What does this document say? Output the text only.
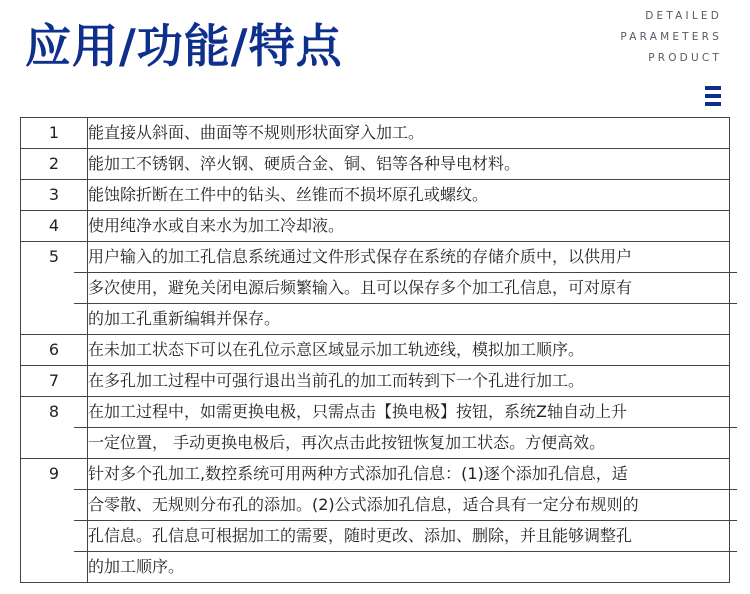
应用/功能/特点
DETAILED
PARAMETERS
PRODUCT
1	能直接从斜面、曲面等不规则形状面穿入加工。

2	能加工不锈钢、淬火钢、硬质合金、铜、铝等各种导电材料。

3	能蚀除折断在工件中的钻头、丝锥而不损坏原孔或螺纹。

4	使用纯净水或自来水为加工冷却液。

5	用户输入的加工孔信息系统通过文件形式保存在系统的存储介质中，以供用户
多次使用，避免关闭电源后频繁输入。且可以保存多个加工孔信息，可对原有
的加工孔重新编辑并保存。

6	在未加工状态下可以在孔位示意区域显示加工轨迹线，模拟加工顺序。

7	在多孔加工过程中可强行退出当前孔的加工而转到下一个孔进行加工。

8	在加工过程中，如需更换电极，只需点击【换电极】按钮，系统Z轴自动上升
一定位置， 手动更换电极后，再次点击此按钮恢复加工状态。方便高效。

9	针对多个孔加工,数控系统可用两种方式添加孔信息：(1)逐个添加孔信息，适
合零散、无规则分布孔的添加。(2)公式添加孔信息，适合具有一定分布规则的
孔信息。孔信息可根据加工的需要，随时更改、添加、删除，并且能够调整孔
的加工顺序。
